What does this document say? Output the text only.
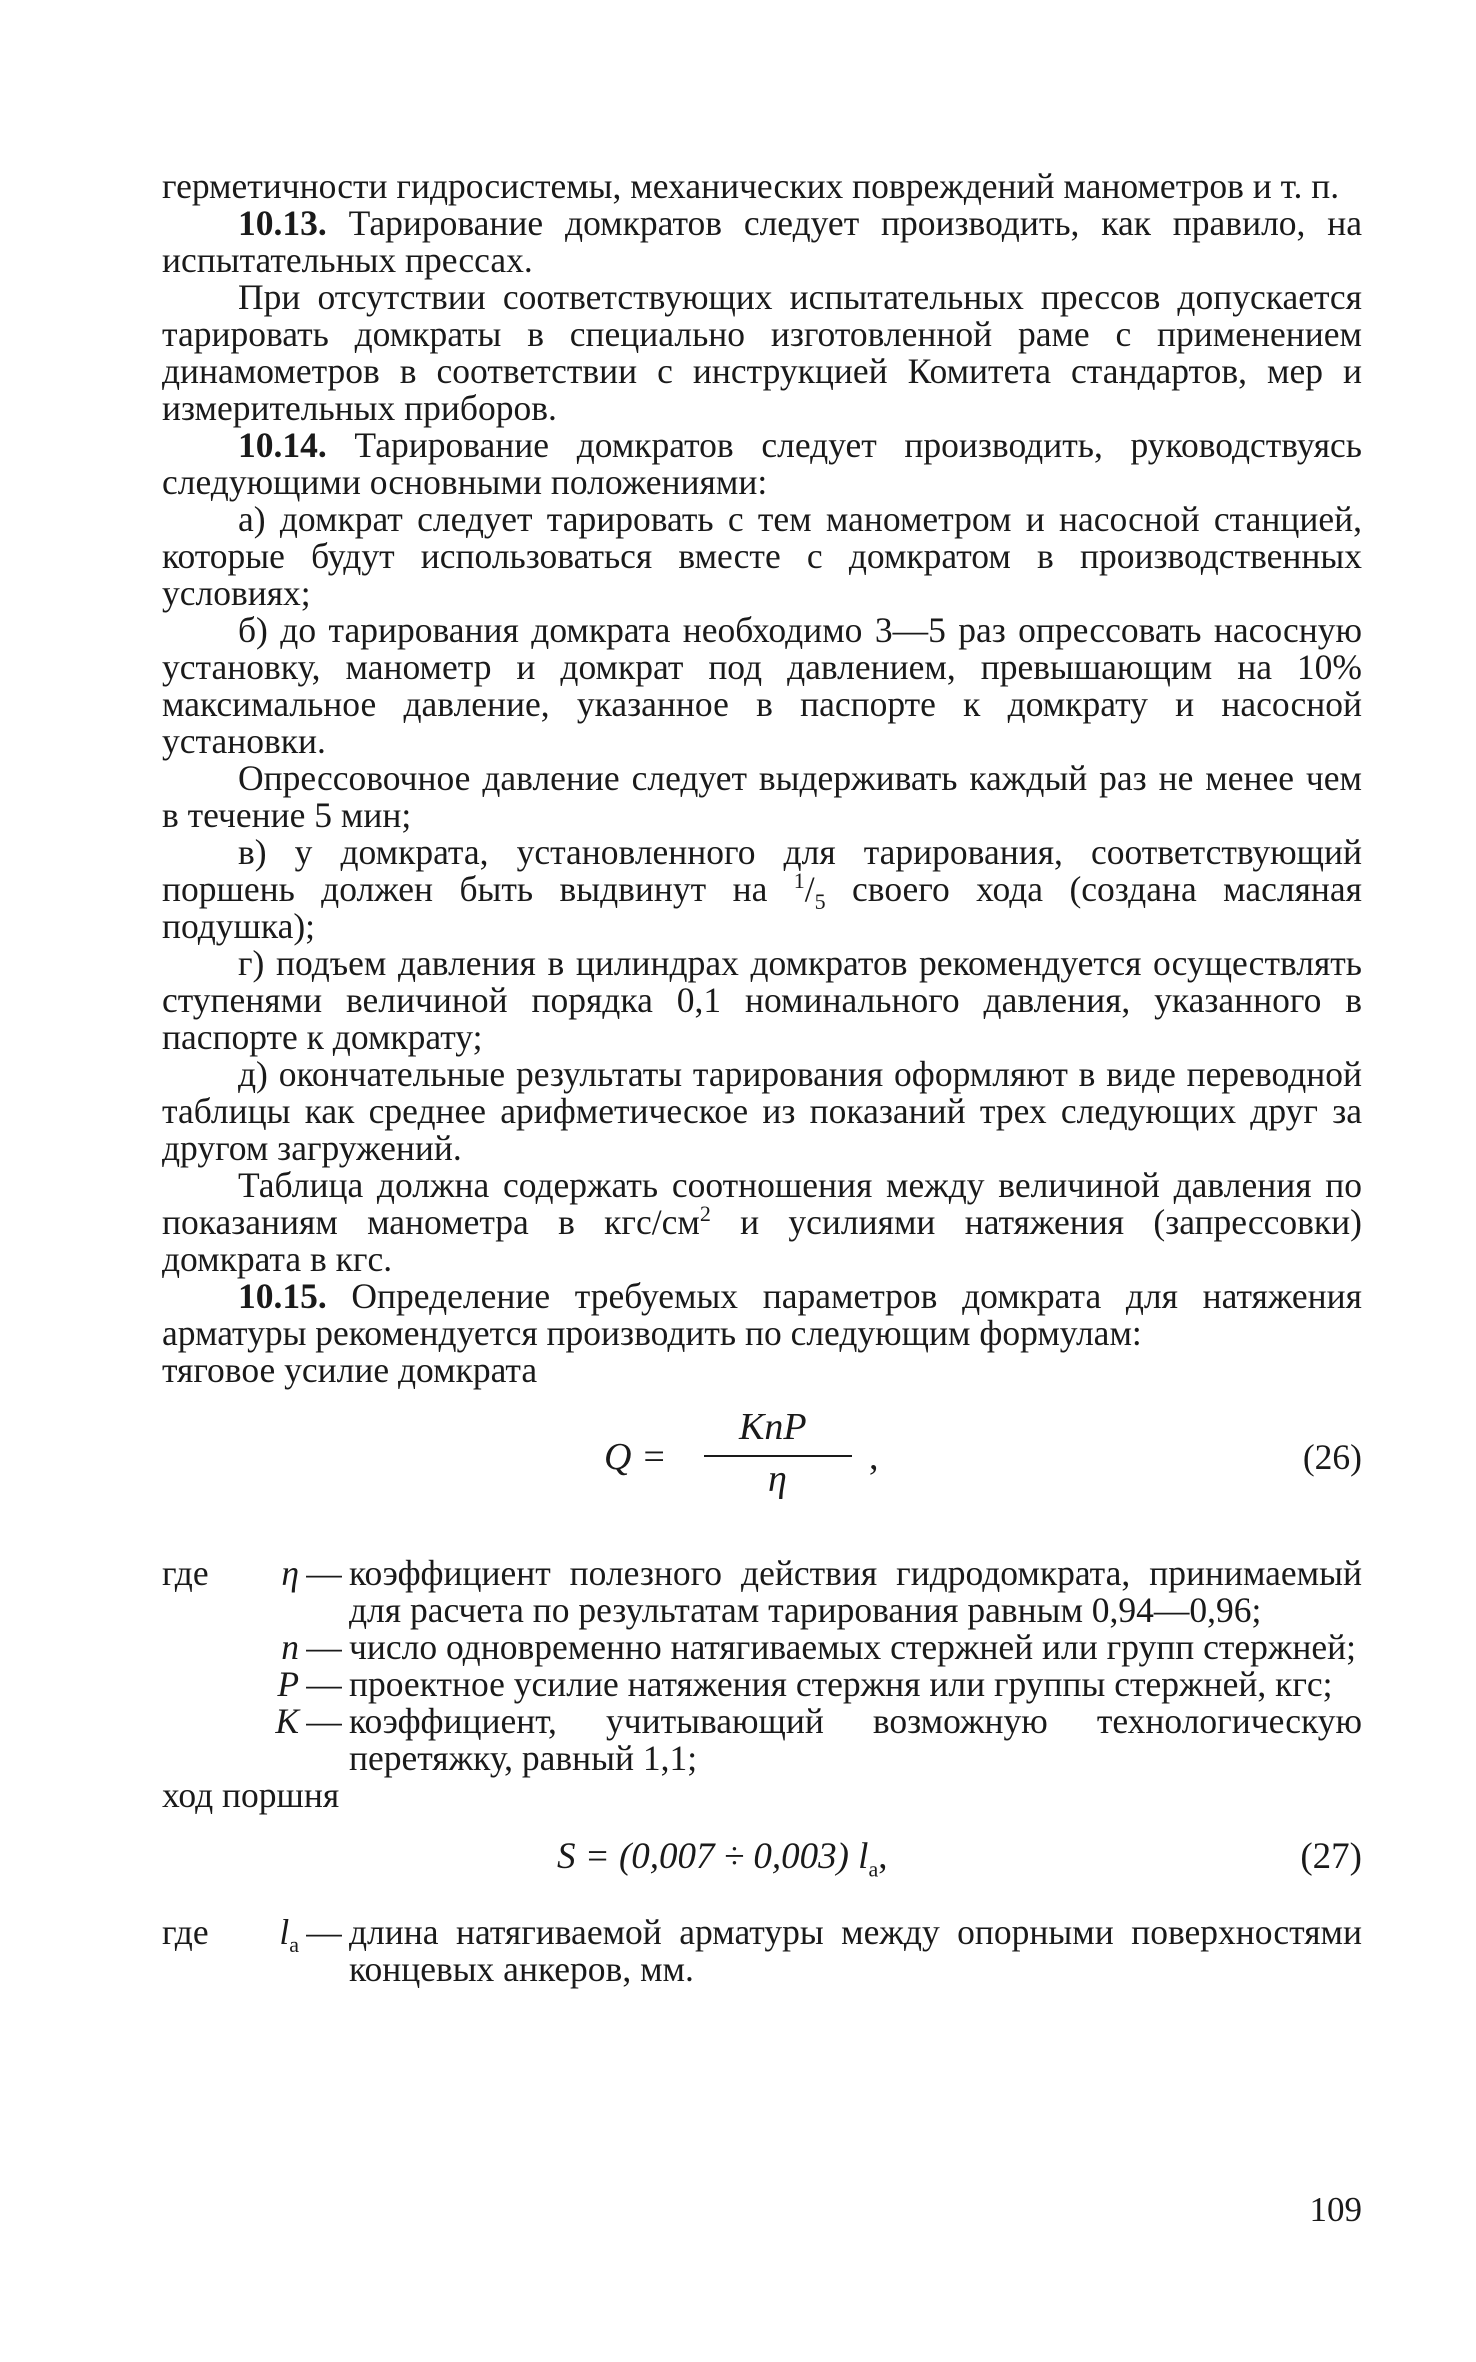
герметичности гидросистемы, механических повреждений манометров и т. п.

10.13. Тарирование домкратов следует производить, как правило, на испытательных прессах.

При отсутствии соответствующих испытательных прессов допускается тарировать домкраты в специально изготовленной раме с применением динамометров в соответствии с инструкцией Комитета стандартов, мер и измерительных приборов.

10.14. Тарирование домкратов следует производить, руководствуясь следующими основными положениями:

а) домкрат следует тарировать с тем манометром и насосной станцией, которые будут использоваться вместе с домкратом в производственных условиях;

б) до тарирования домкрата необходимо 3—5 раз опрессовать насосную установку, манометр и домкрат под давлением, превышающим на 10% максимальное давление, указанное в паспорте к домкрату и насосной установки.

Опрессовочное давление следует выдерживать каждый раз не менее чем в течение 5 мин;

в) у домкрата, установленного для тарирования, соответствующий поршень должен быть выдвинут на $^1/_5$ своего хода (создана масляная подушка);

г) подъем давления в цилиндрах домкратов рекомендуется осуществлять ступенями величиной порядка 0,1 номинального давления, указанного в паспорте к домкрату;

д) окончательные результаты тарирования оформляют в виде переводной таблицы как среднее арифметическое из показаний трех следующих друг за другом загружений.

Таблица должна содержать соотношения между величиной давления по показаниям манометра в кгс/$см^2$ и усилиями натяжения (запрессовки) домкрата в кгс.

10.15. Определение требуемых параметров домкрата для натяжения арматуры рекомендуется производить по следующим формулам:

тяговое усилие домкрата

Q =
KnP
η
,	(26)
где	η — коэффициент полезного действия гидродомкрата, принимаемый для расчета по результатам тарирования равным 0,94—0,96;
n — число одновременно натягиваемых стержней или групп стержней;
P — проектное усилие натяжения стержня или группы стержней, кгс;
K — коэффициент, учитывающий возможную технологическую перетяжку, равный 1,1;

ход поршня

S = (0,007 ÷ 0,003) $l_a$,	(27)
где	$l_a$ — длина натягиваемой арматуры между опорными поверхностями концевых анкеров, мм.
109
